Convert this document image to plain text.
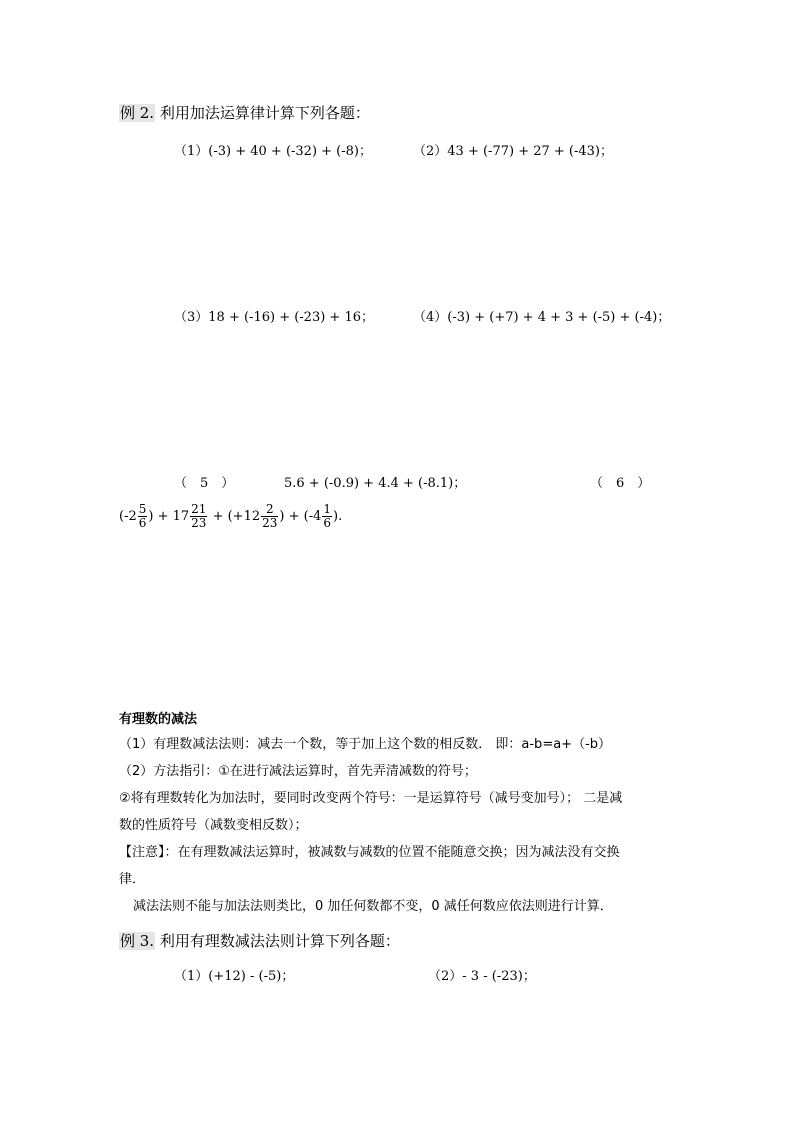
例 2. 利用加法运算律计算下列各题：
（1）(-3) + 40 + (-32) + (-8)；	（2）43 + (-77) + 27 + (-43)；
（3）18 + (-16) + (-23) + 16；	（4）(-3) + (+7) + 4 + 3 + (-5) + (-4)；
（　5　）	5.6 + (-0.9) + 4.4 + (-8.1)；	（　6　）
($-2 \frac{5}{6}$ ) + $17 \frac{21}{23} + (+12 \frac{2}{23}$ ) + ($-4 \frac{1}{6}$ ).
有理数的减法
（1）有理数减法法则：减去一个数，等于加上这个数的相反数． 即：a-b=a+（-b）
（2）方法指引：①在进行减法运算时，首先弄清减数的符号；
②将有理数转化为加法时，要同时改变两个符号：一是运算符号（减号变加号）； 二是减
数的性质符号（减数变相反数）；
【注意】：在有理数减法运算时，被减数与减数的位置不能随意交换；因为减法没有交换
律．
减法法则不能与加法法则类比，0 加任何数都不变，0 减任何数应依法则进行计算．
例 3. 利用有理数减法法则计算下列各题：
（1）(+12) - (-5)；	（2）- 3 - (-23)；
